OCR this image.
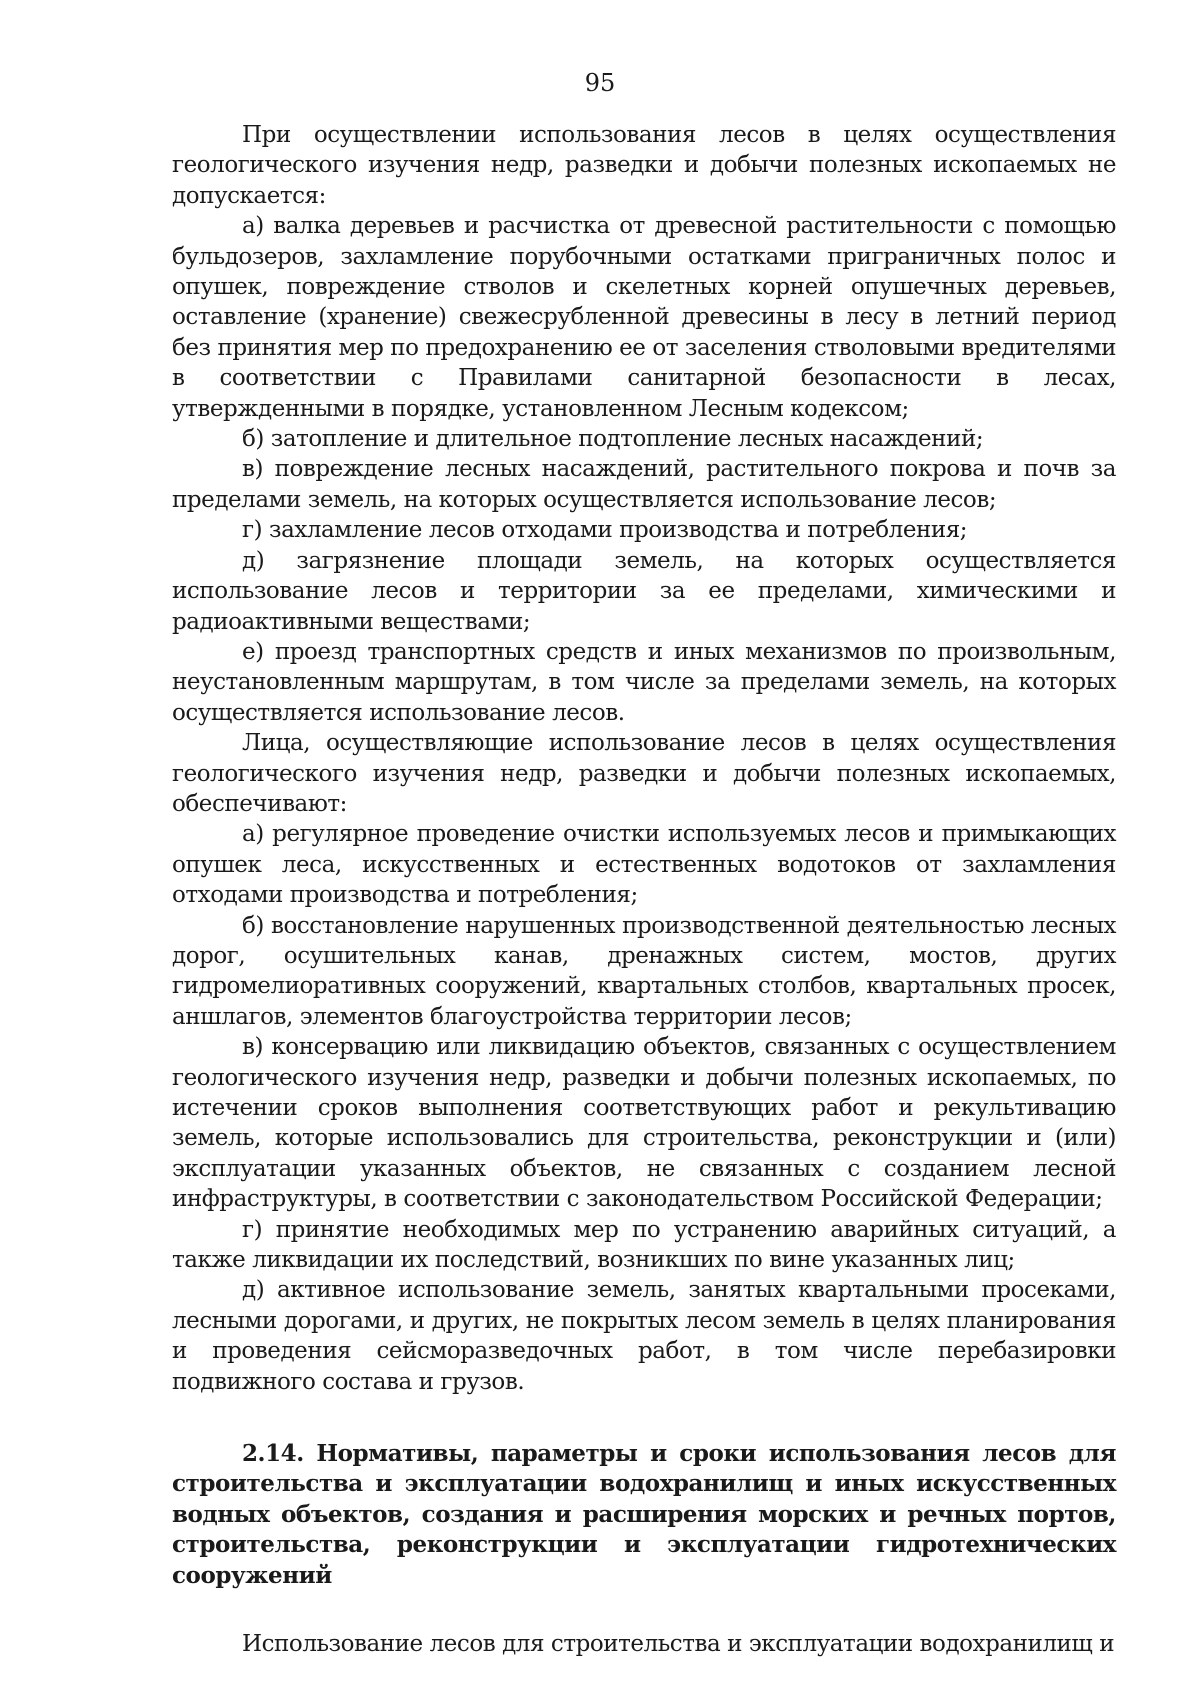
95

При осуществлении использования лесов в целях осуществления геологического изучения недр, разведки и добычи полезных ископаемых не допускается:

а) валка деревьев и расчистка от древесной растительности с помощью бульдозеров, захламление порубочными остатками приграничных полос и опушек, повреждение стволов и скелетных корней опушечных деревьев, оставление (хранение) свежесрубленной древесины в лесу в летний период без принятия мер по предохранению ее от заселения стволовыми вредителями в соответствии с Правилами санитарной безопасности в лесах, утвержденными в порядке, установленном Лесным кодексом;

б) затопление и длительное подтопление лесных насаждений;

в) повреждение лесных насаждений, растительного покрова и почв за пределами земель, на которых осуществляется использование лесов;

г) захламление лесов отходами производства и потребления;

д) загрязнение площади земель, на которых осуществляется использование лесов и территории за ее пределами, химическими и радиоактивными веществами;

е) проезд транспортных средств и иных механизмов по произвольным, неустановленным маршрутам, в том числе за пределами земель, на которых осуществляется использование лесов.

Лица, осуществляющие использование лесов в целях осуществления геологического изучения недр, разведки и добычи полезных ископаемых, обеспечивают:

а) регулярное проведение очистки используемых лесов и примыкающих опушек леса, искусственных и естественных водотоков от захламления отходами производства и потребления;

б) восстановление нарушенных производственной деятельностью лесных дорог, осушительных канав, дренажных систем, мостов, других гидромелиоративных сооружений, квартальных столбов, квартальных просек, аншлагов, элементов благоустройства территории лесов;

в) консервацию или ликвидацию объектов, связанных с осуществлением геологического изучения недр, разведки и добычи полезных ископаемых, по истечении сроков выполнения соответствующих работ и рекультивацию земель, которые использовались для строительства, реконструкции и (или) эксплуатации указанных объектов, не связанных с созданием лесной инфраструктуры, в соответствии с законодательством Российской Федерации;

г) принятие необходимых мер по устранению аварийных ситуаций, а также ликвидации их последствий, возникших по вине указанных лиц;

д) активное использование земель, занятых квартальными просеками, лесными дорогами, и других, не покрытых лесом земель в целях планирования и проведения сейсморазведочных работ, в том числе перебазировки подвижного состава и грузов.

2.14. Нормативы, параметры и сроки использования лесов для строительства и эксплуатации водохранилищ и иных искусственных водных объектов, создания и расширения морских и речных портов, строительства, реконструкции и эксплуатации гидротехнических сооружений

Использование лесов для строительства и эксплуатации водохранилищ и
